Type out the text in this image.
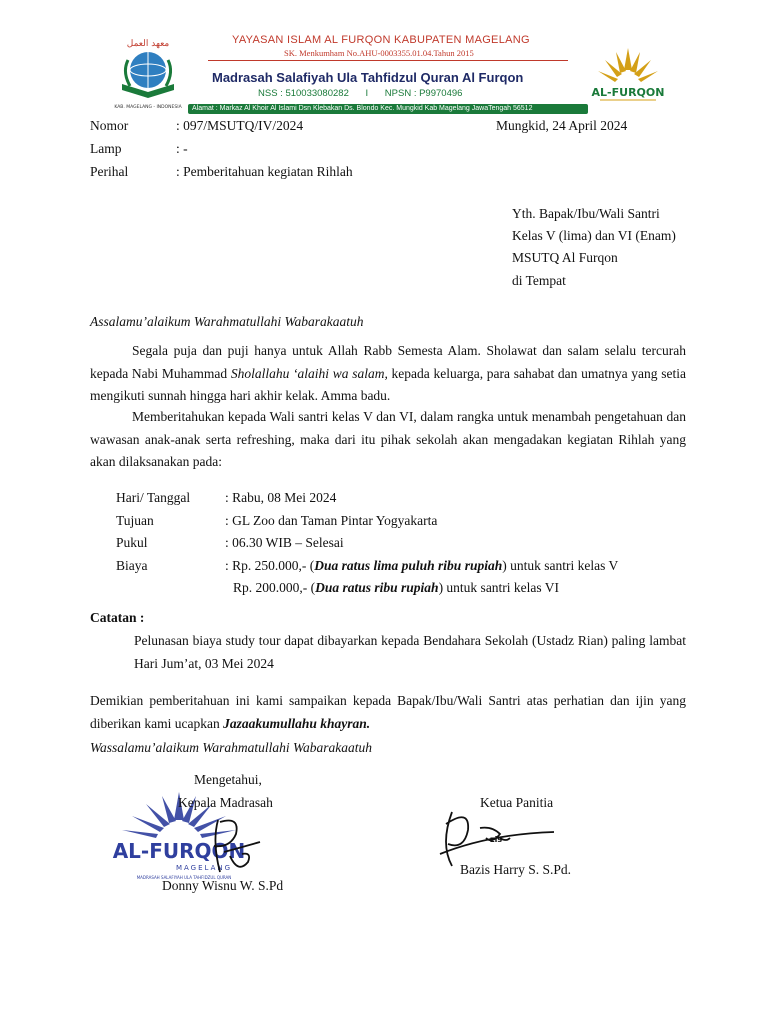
معهد العمل
KAB. MAGELANG - INDONESIA
YAYASAN ISLAM AL FURQON KABUPATEN MAGELANG
SK. Menkumham No.AHU-0003355.01.04.Tahun 2015
Madrasah Salafiyah Ula Tahfidzul Quran Al Furqon
NSS : 510033080282 I NPSN : P9970496
Alamat : Markaz Al Khoir Al Islami Dsn Klebakan Ds. Blondo Kec. Mungkid Kab Magelang JawaTengah 56512
AL-FURQON
Nomor	: 097/MSUTQ/IV/2024	Mungkid, 24 April 2024
Lamp	: -
Perihal	: Pemberitahuan kegiatan Rihlah
Yth. Bapak/Ibu/Wali Santri
Kelas V (lima) dan VI (Enam)
MSUTQ Al Furqon
di Tempat
Assalamu’alaikum Warahmatullahi Wabarakaatuh

Segala puja dan puji hanya untuk Allah Rabb Semesta Alam. Sholawat dan salam selalu tercurah kepada Nabi Muhammad Sholallahu ‘alaihi wa salam, kepada keluarga, para sahabat dan umatnya yang setia mengikuti sunnah hingga hari akhir kelak. Amma badu.

Memberitahukan kepada Wali santri kelas V dan VI, dalam rangka untuk menambah pengetahuan dan wawasan anak-anak serta refreshing, maka dari itu pihak sekolah akan mengadakan kegiatan Rihlah yang akan dilaksanakan pada:

Hari/ Tanggal	: Rabu, 08 Mei 2024
Tujuan	: GL Zoo dan Taman Pintar Yogyakarta
Pukul	: 06.30 WIB – Selesai
Biaya	: Rp. 250.000,- (Dua ratus lima puluh ribu rupiah) untuk santri kelas V
Rp. 200.000,- (Dua ratus ribu rupiah) untuk santri kelas VI
Catatan :

Pelunasan biaya study tour dapat dibayarkan kepada Bendahara Sekolah (Ustadz Rian) paling lambat Hari Jum’at, 03 Mei 2024

Demikian pemberitahuan ini kami sampaikan kepada Bapak/Ibu/Wali Santri atas perhatian dan ijin yang diberikan kami ucapkan Jazaakumullahu khayran.

Wassalamu’alaikum Warahmatullahi Wabarakaatuh
AL-FURQON
MAGELANG
MADRASAH SALAFIYAH ULA TAHFIDZUL QURAN
Mengetahui,
Kepala Madrasah	Ketua Panitia
zis
Donny Wisnu W. S.Pd
Bazis Harry S. S.Pd.
